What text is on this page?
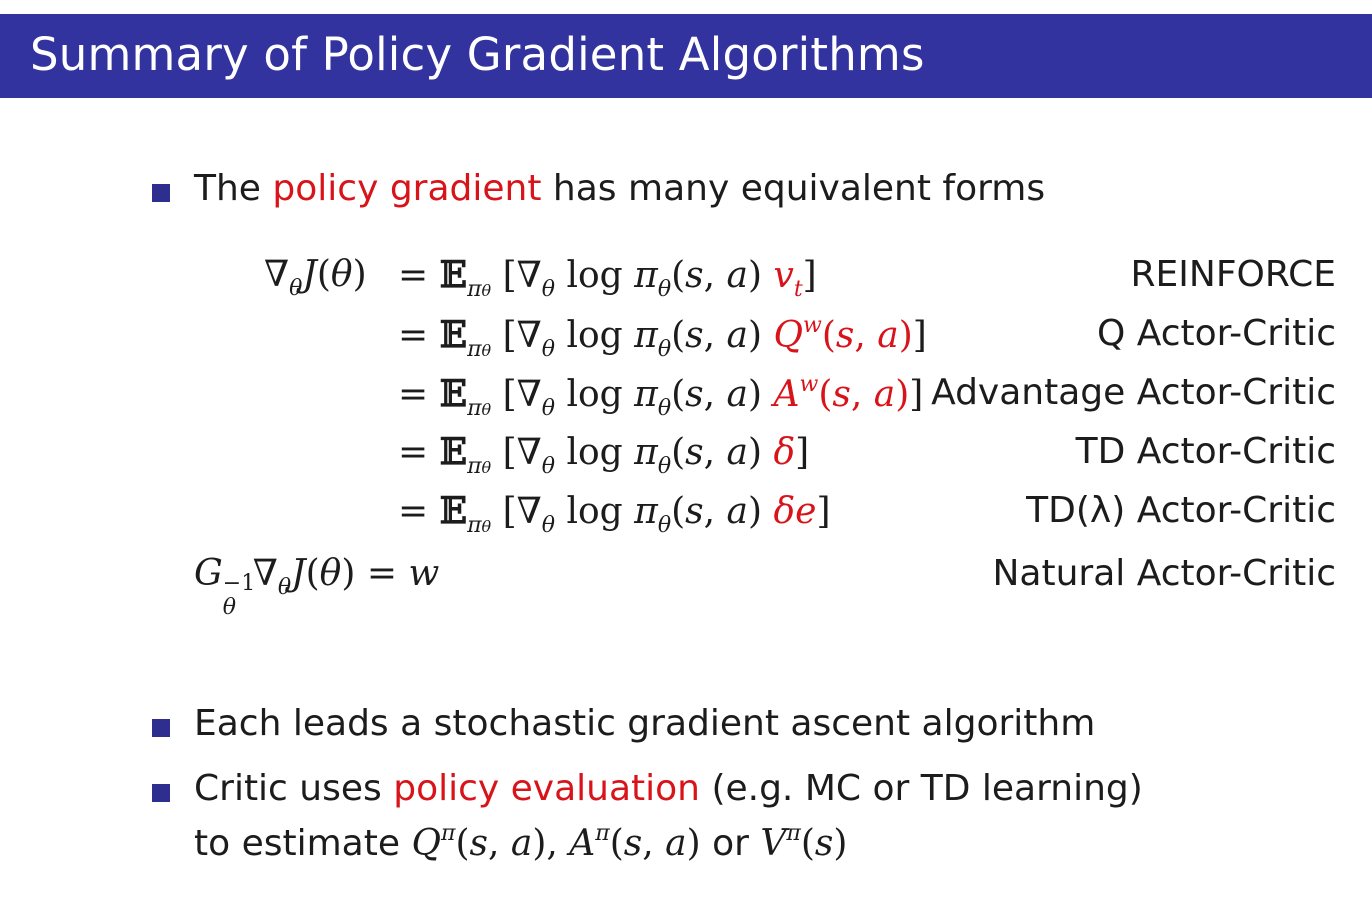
Summary of Policy Gradient Algorithms
The policy gradient has many equivalent forms
$\nabla_\theta J(\theta)$ = 𝔼$_{\pi\theta}$ [$\nabla_\theta$ $\log \pi_\theta(s$, a) $v_t$]	REINFORCE
= 𝔼$_{\pi\theta}$ [$\nabla_\theta$ $\log \pi_\theta(s$, a) $Q^w(s$, a)]	Q Actor-Critic
= 𝔼$_{\pi\theta}$ [$\nabla_\theta$ $\log \pi_\theta(s$, a) $A^w(s$, a)] Advantage Actor-Critic
= 𝔼$_{\pi\theta}$ [$\nabla_\theta$ $\log \pi_\theta(s$, a) δ]	TD Actor-Critic
= 𝔼$_{\pi\theta}$ [$\nabla_\theta$ $\log \pi_\theta(s$, a) δe]	TD(λ) Actor-Critic
G −1
θ
$\nabla_\theta J(\theta) = w$	Natural Actor-Critic
Each leads a stochastic gradient ascent algorithm
Critic uses policy evaluation (e.g. MC or TD learning)
to estimate $Q^\pi(s$, a), $A^\pi(s$, a) or $V^\pi(s)$
